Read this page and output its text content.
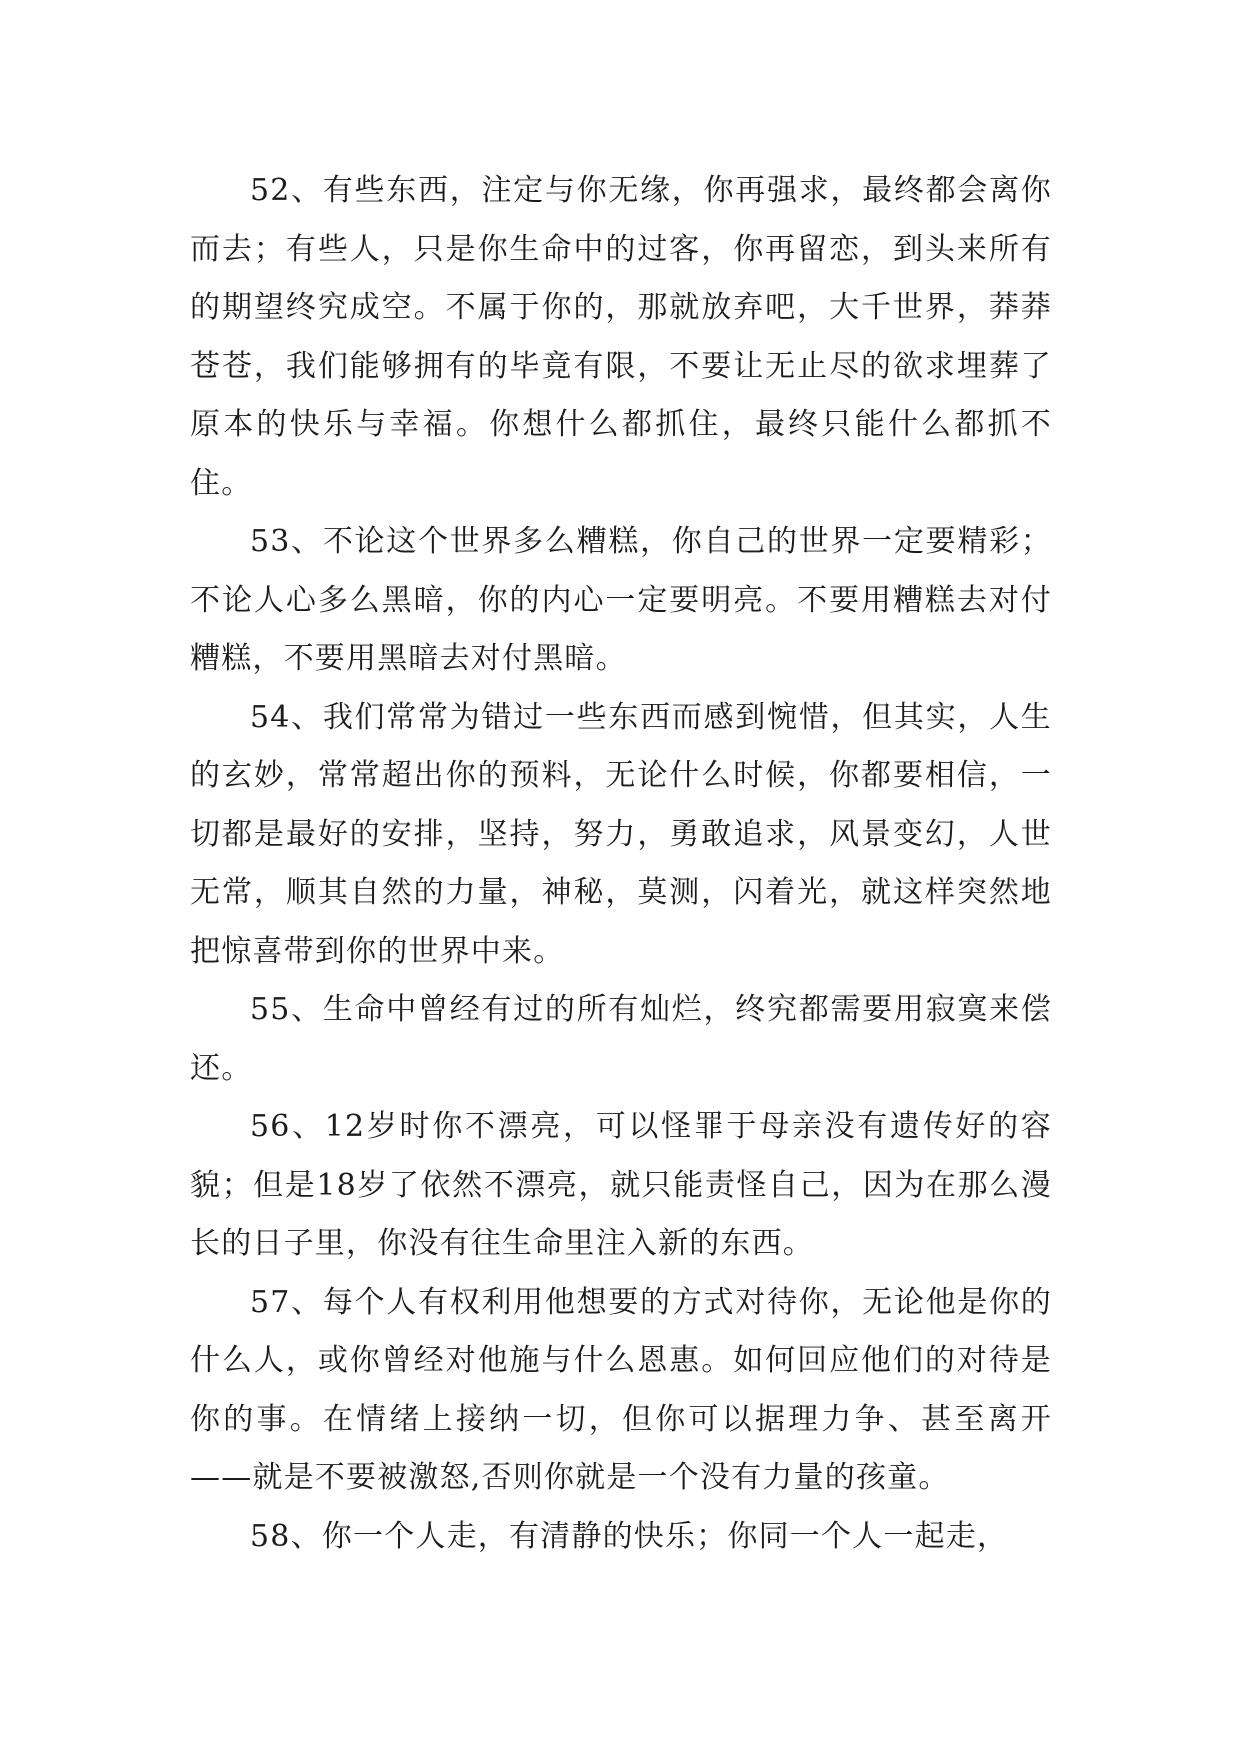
52、有些东西，注定与你无缘，你再强求，最终都会离你而去；有些人，只是你生命中的过客，你再留恋，到头来所有的期望终究成空。不属于你的，那就放弃吧，大千世界，莽莽苍苍，我们能够拥有的毕竟有限，不要让无止尽的欲求埋葬了原本的快乐与幸福。你想什么都抓住，最终只能什么都抓不住。

53、不论这个世界多么糟糕，你自己的世界一定要精彩；不论人心多么黑暗，你的内心一定要明亮。不要用糟糕去对付糟糕，不要用黑暗去对付黑暗。

54、我们常常为错过一些东西而感到惋惜，但其实，人生的玄妙，常常超出你的预料，无论什么时候，你都要相信，一切都是最好的安排，坚持，努力，勇敢追求，风景变幻，人世无常，顺其自然的力量，神秘，莫测，闪着光，就这样突然地把惊喜带到你的世界中来。

55、生命中曾经有过的所有灿烂，终究都需要用寂寞来偿还。

56、12岁时你不漂亮，可以怪罪于母亲没有遗传好的容貌；但是18岁了依然不漂亮，就只能责怪自己，因为在那么漫长的日子里，你没有往生命里注入新的东西。

57、每个人有权利用他想要的方式对待你，无论他是你的什么人，或你曾经对他施与什么恩惠。如何回应他们的对待是你的事。在情绪上接纳一切，但你可以据理力争、甚至离开——就是不要被激怒,否则你就是一个没有力量的孩童。

58、你一个人走，有清静的快乐；你同一个人一起走，
